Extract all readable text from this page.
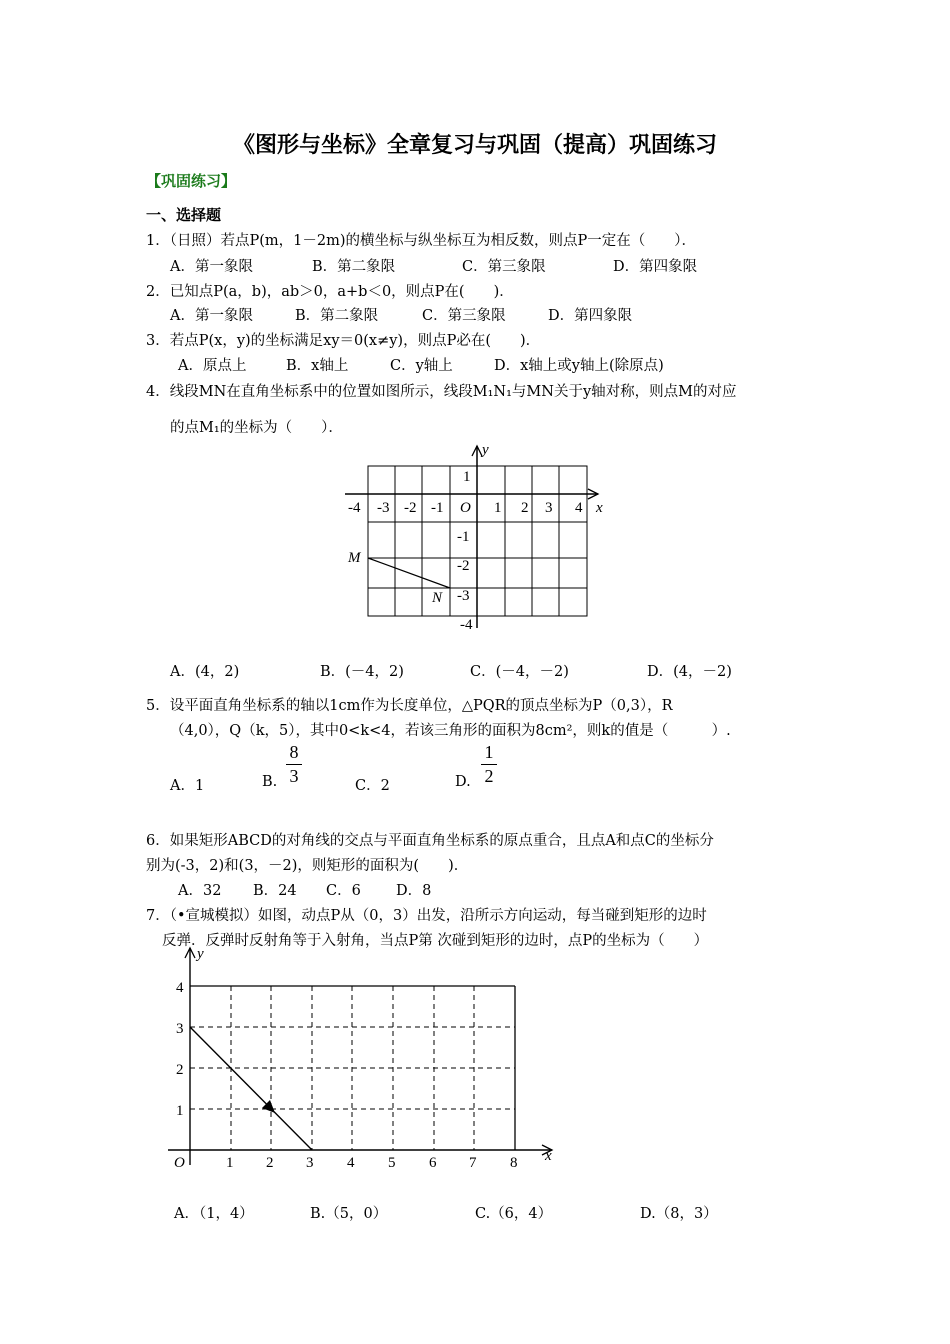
《图形与坐标》全章复习与巩固（提高）巩固练习
【巩固练习】
一、选择题
1．（日照）若点P(m，1－2m)的横坐标与纵坐标互为相反数，则点P一定在（　　）．
A．第一象限	B．第二象限	C．第三象限	D．第四象限
2．已知点P(a，b)，ab＞0，a+b＜0，则点P在(　　)．
A．第一象限	B．第二象限	C．第三象限	D．第四象限
3．若点P(x，y)的坐标满足xy＝0(x≠y)，则点P必在(　　)．
A．原点上	B．x轴上	C．y轴上	D．x轴上或y轴上(除原点)
4．线段MN在直角坐标系中的位置如图所示，线段M₁N₁与MN关于y轴对称，则点M的对应
的点M₁的坐标为（　　）．
-4 -3 -2 -1	1 2 3 4
1
-1
-2
-3
-4
O	x
y
M
N
A．(4，2)	B．(－4，2)	C．(－4，－2)	D．(4，－2)
5．设平面直角坐标系的轴以1cm作为长度单位，△PQR的顶点坐标为P（0,3），R
（4,0），Q（k，5），其中0<k<4，若该三角形的面积为8cm²，则k的值是（　　　）.
A．1	B.
8
3	C．2	D.
1
2
6．如果矩形ABCD的对角线的交点与平面直角坐标系的原点重合，且点A和点C的坐标分
别为(-3，2)和(3，－2)，则矩形的面积为(　　)．
A．32 B．24 C．6 D．8
7．（•宣城模拟）如图，动点P从（0，3）出发，沿所示方向运动，每当碰到矩形的边时
反弹．反弹时反射角等于入射角，当点P第 次碰到矩形的边时，点P的坐标为（　　）
1 2 3 4 5 6 7 8
1
2
3
4
O	x
y
A．（1，4）	B.（5，0）	C.（6，4）	D.（8，3）
